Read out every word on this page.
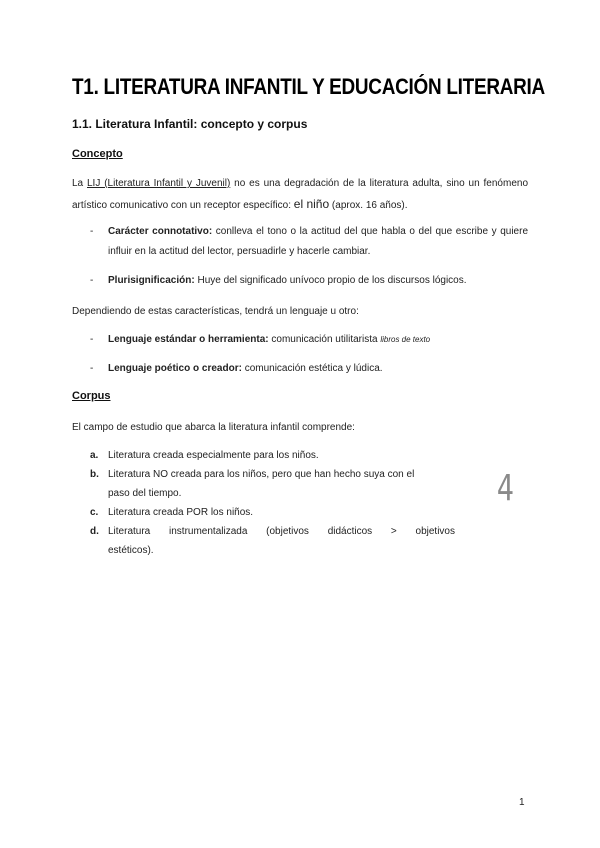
T1. LITERATURA INFANTIL Y EDUCACIÓN LITERARIA

1.1. Literatura Infantil: concepto y corpus

Concepto

La LIJ (Literatura Infantil y Juvenil) no es una degradación de la literatura adulta, sino un fenómeno artístico comunicativo con un receptor específico: el niño (aprox. 16 años).

- Carácter connotativo: conlleva el tono o la actitud del que habla o del que escribe y quiere influir en la actitud del lector, persuadirle y hacerle cambiar.
- Plurisignificación: Huye del significado unívoco propio de los discursos lógicos.

Dependiendo de estas características, tendrá un lenguaje u otro:

- Lenguaje estándar o herramienta: comunicación utilitarista libros de texto
- Lenguaje poético o creador: comunicación estética y lúdica.

Corpus

El campo de estudio que abarca la literatura infantil comprende:

a. Literatura creada especialmente para los niños.
b. Literatura NO creada para los niños, pero que han hecho suya con el
paso del tiempo.
c. Literatura creada POR los niños.
d. Literatura instrumentalizada (objetivos didácticos > objetivos
estéticos).
4

1
